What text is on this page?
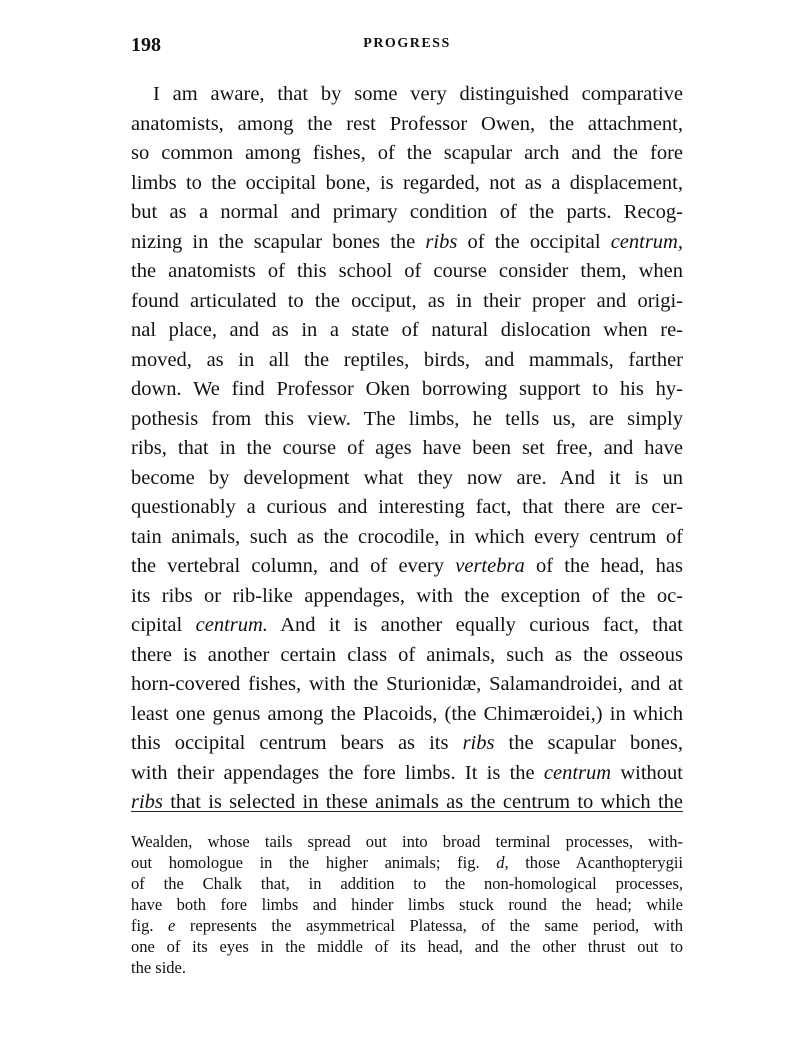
198	PROGRESS
I am aware, that by some very distinguished comparative
anatomists, among the rest Professor Owen, the attachment,
so common among fishes, of the scapular arch and the fore
limbs to the occipital bone, is regarded, not as a displacement,
but as a normal and primary condition of the parts. Recog-
nizing in the scapular bones the ribs of the occipital centrum,
the anatomists of this school of course consider them, when
found articulated to the occiput, as in their proper and origi-
nal place, and as in a state of natural dislocation when re-
moved, as in all the reptiles, birds, and mammals, farther
down. We find Professor Oken borrowing support to his hy-
pothesis from this view. The limbs, he tells us, are simply
ribs, that in the course of ages have been set free, and have
become by development what they now are. And it is un
questionably a curious and interesting fact, that there are cer-
tain animals, such as the crocodile, in which every centrum of
the vertebral column, and of every vertebra of the head, has
its ribs or rib-like appendages, with the exception of the oc-
cipital centrum. And it is another equally curious fact, that
there is another certain class of animals, such as the osseous
horn-covered fishes, with the Sturionidæ, Salamandroidei, and at
least one genus among the Placoids, (the Chimæroidei,) in which
this occipital centrum bears as its ribs the scapular bones,
with their appendages the fore limbs. It is the centrum without
ribs that is selected in these animals as the centrum to which the
Wealden, whose tails spread out into broad terminal processes, with-
out homologue in the higher animals; fig. d, those Acanthopterygii
of the Chalk that, in addition to the non-homological processes,
have both fore limbs and hinder limbs stuck round the head; while
fig. e represents the asymmetrical Platessa, of the same period, with
one of its eyes in the middle of its head, and the other thrust out to
the side.
